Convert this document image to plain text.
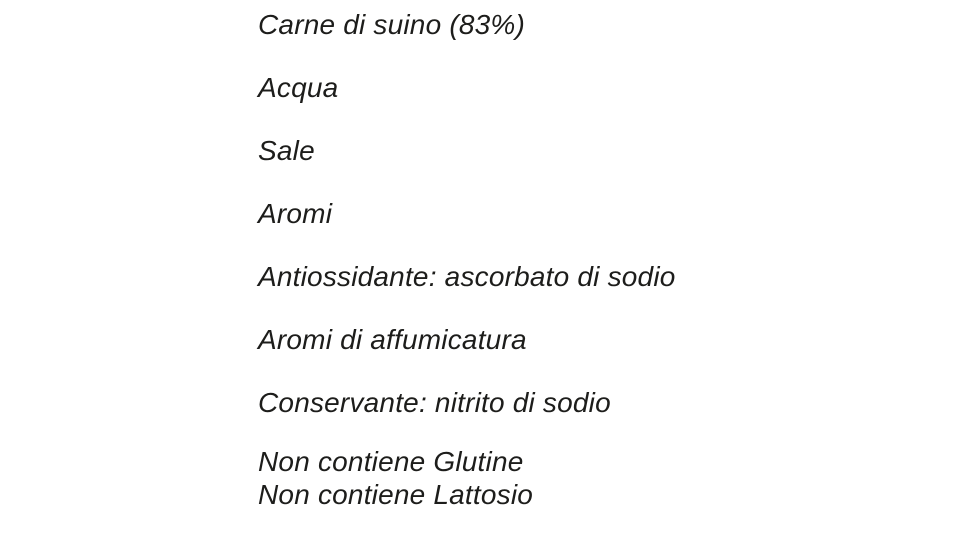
Carne di suino (83%)

Acqua

Sale

Aromi

Antiossidante: ascorbato di sodio

Aromi di affumicatura

Conservante: nitrito di sodio

Non contiene Glutine

Non contiene Lattosio
